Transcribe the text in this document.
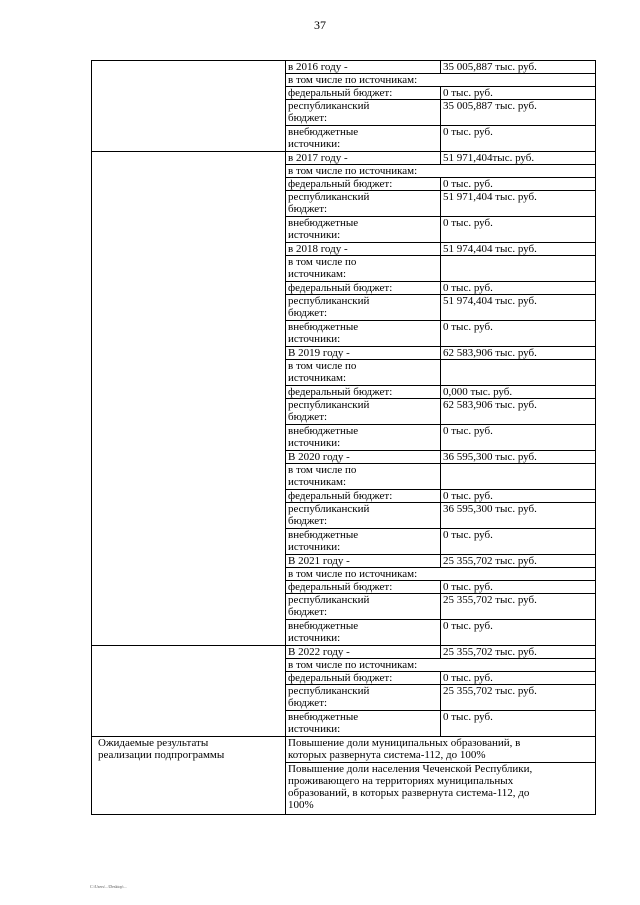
37
	в 2016 году -	35 005,887 тыс. руб.
	в том числе по источникам:	
	федеральный бюджет:	0 тыс. руб.
	республиканский
бюджет:	35 005,887 тыс. руб.
	внебюджетные
источники:	0 тыс. руб.
	в 2017 году -	51 971,404тыс. руб.
	в том числе по источникам:	
	федеральный бюджет:	0 тыс. руб.
	республиканский
бюджет:	51 971,404 тыс. руб.
	внебюджетные
источники:	0 тыс. руб.
	в 2018 году -	51 974,404 тыс. руб.
	в том числе по
источникам:	
	федеральный бюджет:	0 тыс. руб.
	республиканский
бюджет:	51 974,404 тыс. руб.
	внебюджетные
источники:	0 тыс. руб.
	В 2019 году -	62 583,906 тыс. руб.
	в том числе по
источникам:	
	федеральный бюджет:	0,000 тыс. руб.
	республиканский
бюджет:	62 583,906 тыс. руб.
	внебюджетные
источники:	0 тыс. руб.
	В 2020 году -	36 595,300 тыс. руб.
	в том числе по
источникам:	
	федеральный бюджет:	0 тыс. руб.
	республиканский
бюджет:	36 595,300 тыс. руб.
	внебюджетные
источники:	0 тыс. руб.
	В 2021 году -	25 355,702 тыс. руб.
	в том числе по источникам:	
	федеральный бюджет:	0 тыс. руб.
	республиканский
бюджет:	25 355,702 тыс. руб.
	внебюджетные
источники:	0 тыс. руб.
	В 2022 году -	25 355,702 тыс. руб.
	в том числе по источникам:	
	федеральный бюджет:	0 тыс. руб.
	республиканский
бюджет:	25 355,702 тыс. руб.
	внебюджетные
источники:	0 тыс. руб.
Ожидаемые результаты
реализации подпрограммы	Повышение доли муниципальных образований, в
которых развернута система-112, до 100%	
	Повышение доли населения Чеченской Республики,
проживающего на территориях муниципальных
образований, в которых развернута система-112, до
100%	
С:\Users\...\Desktop\...
